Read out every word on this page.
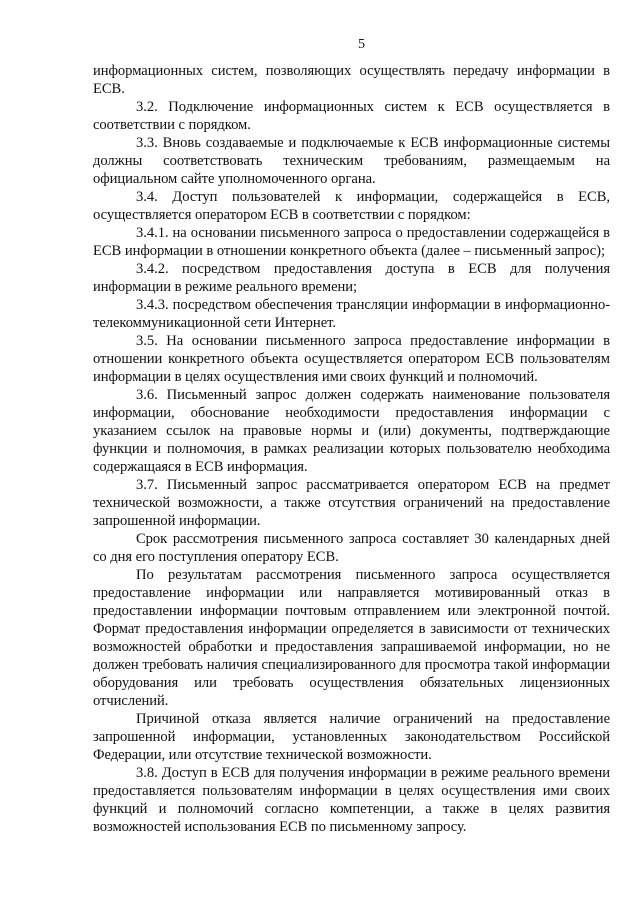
5

информационных систем, позволяющих осуществлять передачу информации в ЕСВ.

3.2. Подключение информационных систем к ЕСВ осуществляется в соответствии с порядком.

3.3. Вновь создаваемые и подключаемые к ЕСВ информационные системы должны соответствовать техническим требованиям, размещаемым на официальном сайте уполномоченного органа.

3.4. Доступ пользователей к информации, содержащейся в ЕСВ, осуществляется оператором ЕСВ в соответствии с порядком:

3.4.1. на основании письменного запроса о предоставлении содержащейся в ЕСВ информации в отношении конкретного объекта (далее – письменный запрос);

3.4.2. посредством предоставления доступа в ЕСВ для получения информации в режиме реального времени;

3.4.3. посредством обеспечения трансляции информации в информационно-телекоммуникационной сети Интернет.

3.5. На основании письменного запроса предоставление информации в отношении конкретного объекта осуществляется оператором ЕСВ пользователям информации в целях осуществления ими своих функций и полномочий.

3.6. Письменный запрос должен содержать наименование пользователя информации, обоснование необходимости предоставления информации с указанием ссылок на правовые нормы и (или) документы, подтверждающие функции и полномочия, в рамках реализации которых пользователю необходима содержащаяся в ЕСВ информация.

3.7. Письменный запрос рассматривается оператором ЕСВ на предмет технической возможности, а также отсутствия ограничений на предоставление запрошенной информации.

Срок рассмотрения письменного запроса составляет 30 календарных дней со дня его поступления оператору ЕСВ.

По результатам рассмотрения письменного запроса осуществляется предоставление информации или направляется мотивированный отказ в предоставлении информации почтовым отправлением или электронной почтой. Формат предоставления информации определяется в зависимости от технических возможностей обработки и предоставления запрашиваемой информации, но не должен требовать наличия специализированного для просмотра такой информации оборудования или требовать осуществления обязательных лицензионных отчислений.

Причиной отказа является наличие ограничений на предоставление запрошенной информации, установленных законодательством Российской Федерации, или отсутствие технической возможности.

3.8. Доступ в ЕСВ для получения информации в режиме реального времени предоставляется пользователям информации в целях осуществления ими своих функций и полномочий согласно компетенции, а также в целях развития возможностей использования ЕСВ по письменному запросу.
